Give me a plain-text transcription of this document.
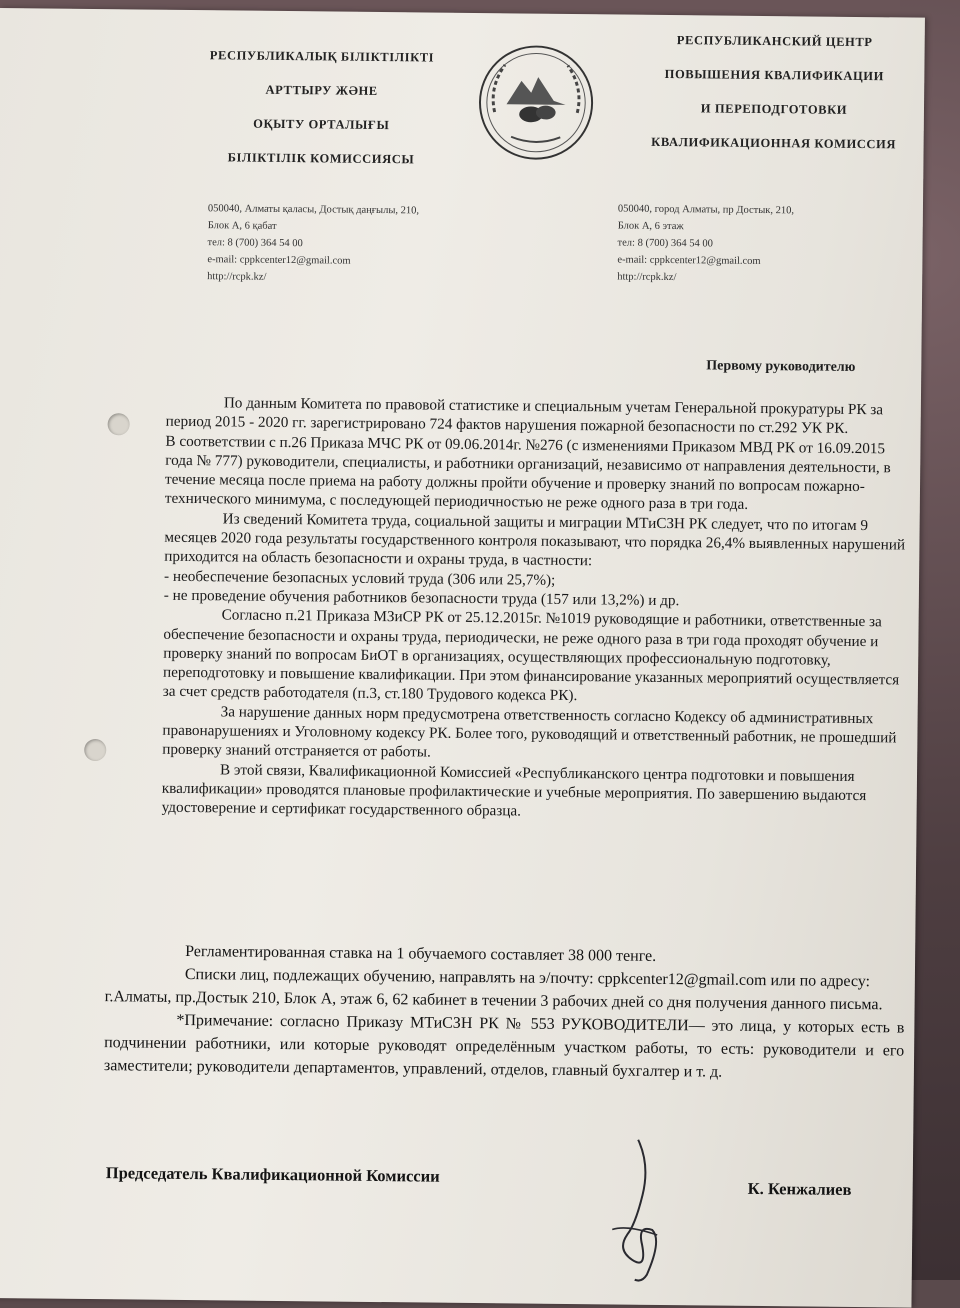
РЕСПУБЛИКАЛЫҚ БІЛІКТІЛІКТІ
АРТТЫРУ ЖӘНЕ
ОҚЫТУ ОРТАЛЫҒЫ
БІЛІКТІЛІК КОМИССИЯСЫ
РЕСПУБЛИКАНСКИЙ ЦЕНТР
ПОВЫШЕНИЯ КВАЛИФИКАЦИИ
И ПЕРЕПОДГОТОВКИ
КВАЛИФИКАЦИОННАЯ КОМИССИЯ
050040, Алматы қаласы, Достық даңғылы, 210,
Блок А, 6 қабат
тел: 8 (700) 364 54 00
e-mail: cppkcenter12@gmail.com
http://rcpk.kz/
050040, город Алматы, пр Достык, 210,
Блок А, 6 этаж
тел: 8 (700) 364 54 00
e-mail: cppkcenter12@gmail.com
http://rcpk.kz/
Первому руководителю

По данным Комитета по правовой статистике и специальным учетам Генеральной прокуратуры РК за период 2015 - 2020 гг. зарегистрировано 724 фактов нарушения пожарной безопасности по ст.292 УК РК.

В соответствии с п.26 Приказа МЧС РК от 09.06.2014г. №276 (с изменениями Приказом МВД РК от 16.09.2015 года № 777) руководители, специалисты, и работники организаций, независимо от направления деятельности, в течение месяца после приема на работу должны пройти обучение и проверку знаний по вопросам пожарно-технического минимума, с последующей периодичностью не реже одного раза в три года.

Из сведений Комитета труда, социальной защиты и миграции МТиСЗН РК следует, что по итогам 9 месяцев 2020 года результаты государственного контроля показывают, что порядка 26,4% выявленных нарушений приходится на область безопасности и охраны труда, в частности:

- необеспечение безопасных условий труда (306 или 25,7%);

- не проведение обучения работников безопасности труда (157 или 13,2%) и др.

Согласно п.21 Приказа МЗиСР РК от 25.12.2015г. №1019 руководящие и работники, ответственные за обеспечение безопасности и охраны труда, периодически, не реже одного раза в три года проходят обучение и проверку знаний по вопросам БиОТ в организациях, осуществляющих профессиональную подготовку, переподготовку и повышение квалификации. При этом финансирование указанных мероприятий осуществляется за счет средств работодателя (п.3, ст.180 Трудового кодекса РК).

За нарушение данных норм предусмотрена ответственность согласно Кодексу об административных правонарушениях и Уголовному кодексу РК. Более того, руководящий и ответственный работник, не прошедший проверку знаний отстраняется от работы.

В этой связи, Квалификационной Комиссией «Республиканского центра подготовки и повышения квалификации» проводятся плановые профилактические и учебные мероприятия. По завершению выдаются удостоверение и сертификат государственного образца.

Регламентированная ставка на 1 обучаемого составляет 38 000 тенге.

Списки лиц, подлежащих обучению, направлять на э/почту: cppkcenter12@gmail.com или по адресу: г.Алматы, пр.Достык 210, Блок А, этаж 6, 62 кабинет в течении 3 рабочих дней со дня получения данного письма.

*Примечание: согласно Приказу МТиСЗН РК № 553 РУКОВОДИТЕЛИ— это лица, у которых есть в подчинении работники, или которые руководят определённым участком работы, то есть: руководители и его заместители; руководители департаментов, управлений, отделов, главный бухгалтер и т. д.

Председатель Квалификационной Комиссии
К. Кенжалиев
